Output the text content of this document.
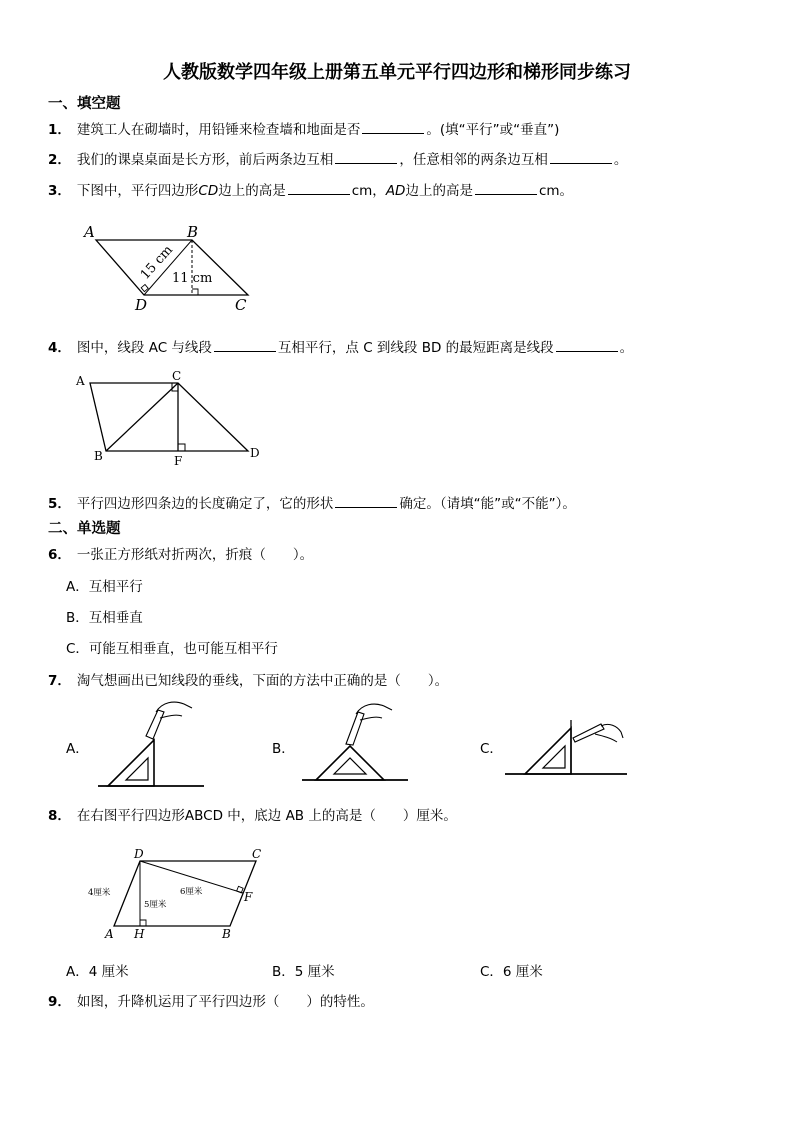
人教版数学四年级上册第五单元平行四边形和梯形同步练习
一、填空题
1． 建筑工人在砌墙时，用铅锤来检查墙和地面是否	。(填“平行”或“垂直”)
2． 我们的课桌桌面是长方形，前后两条边互相	，任意相邻的两条边互相	。
3． 下图中，平行四边形CD边上的高是	cm，AD边上的高是	cm。
A	B
C
D
15 cm
11 cm
4． 图中，线段 AC 与线段	互相平行，点 C 到线段 BD 的最短距离是线段	。
A	C
B	F
D
5． 平行四边形四条边的长度确定了，它的形状	确定。（请填“能”或“不能”）。
二、单选题
6． 一张正方形纸对折两次，折痕（　　）。
A．互相平行
B．互相垂直
C．可能互相垂直，也可能互相平行
7． 淘气想画出已知线段的垂线，下面的方法中正确的是（　　）。
A．	B．	C．
8． 在右图平行四边形ABCD 中，底边 AB 上的高是（　　）厘米。
D	C
A H	B
F
4厘米
5厘米
6厘米
A．4 厘米	B．5 厘米	C．6 厘米
9． 如图，升降机运用了平行四边形（　　）的特性。
